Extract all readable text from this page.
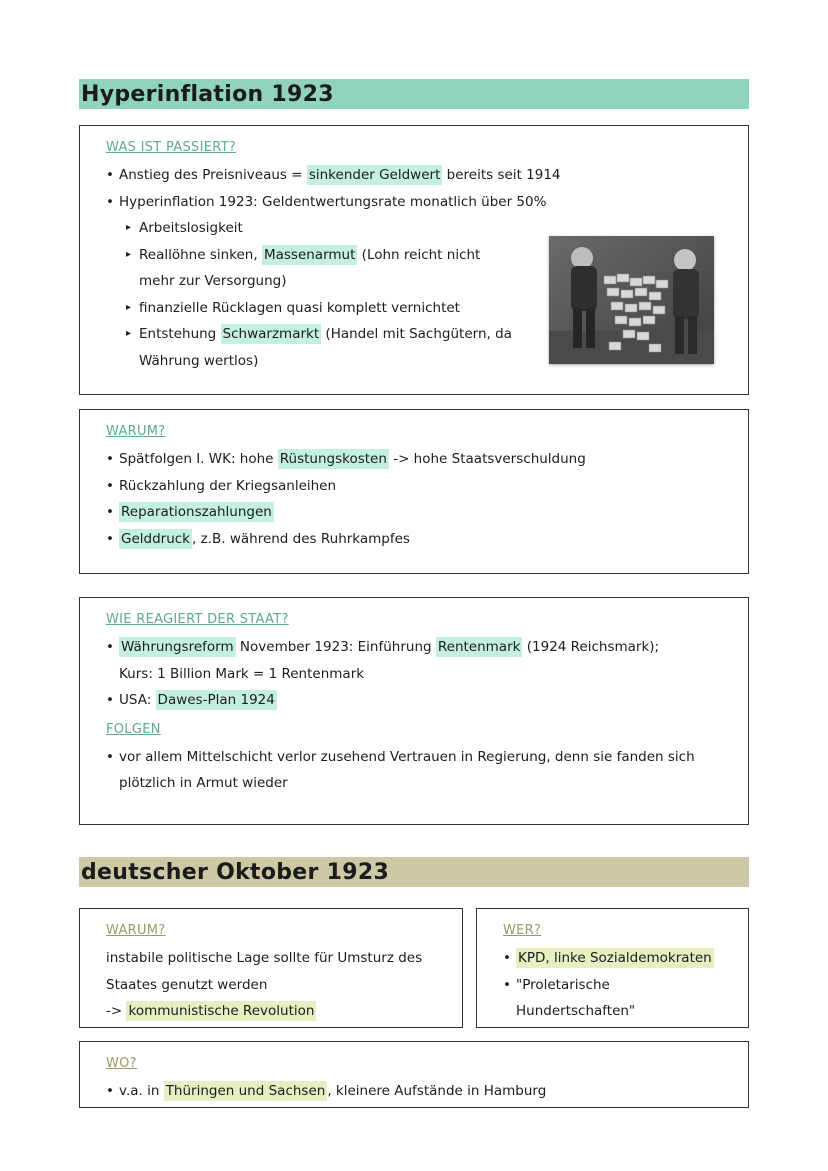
Hyperinflation 1923
WAS IST PASSIERT?
• Anstieg des Preisniveaus = sinkender Geldwert bereits seit 1914
• Hyperinflation 1923: Geldentwertungsrate monatlich über 50%
▸ Arbeitslosigkeit
▸ Reallöhne sinken, Massenarmut (Lohn reicht nicht
mehr zur Versorgung)
▸ finanzielle Rücklagen quasi komplett vernichtet
▸ Entstehung Schwarzmarkt (Handel mit Sachgütern, da
Währung wertlos)
WARUM?
• Spätfolgen I. WK: hohe Rüstungskosten -> hohe Staatsverschuldung
• Rückzahlung der Kriegsanleihen
• Reparationszahlungen
• Gelddruck , z.B. während des Ruhrkampfes
WIE REAGIERT DER STAAT?
• Währungsreform November 1923: Einführung Rentenmark (1924 Reichsmark);
Kurs: 1 Billion Mark = 1 Rentenmark
• USA: Dawes-Plan 1924
FOLGEN
• vor allem Mittelschicht verlor zusehend Vertrauen in Regierung, denn sie fanden sich
plötzlich in Armut wieder
deutscher Oktober 1923
WARUM?
instabile politische Lage sollte für Umsturz des
Staates genutzt werden
-> kommunistische Revolution
WER?
• KPD, linke Sozialdemokraten
• "Proletarische
Hundertschaften"
WO?
• v.a. in Thüringen und Sachsen , kleinere Aufstände in Hamburg
